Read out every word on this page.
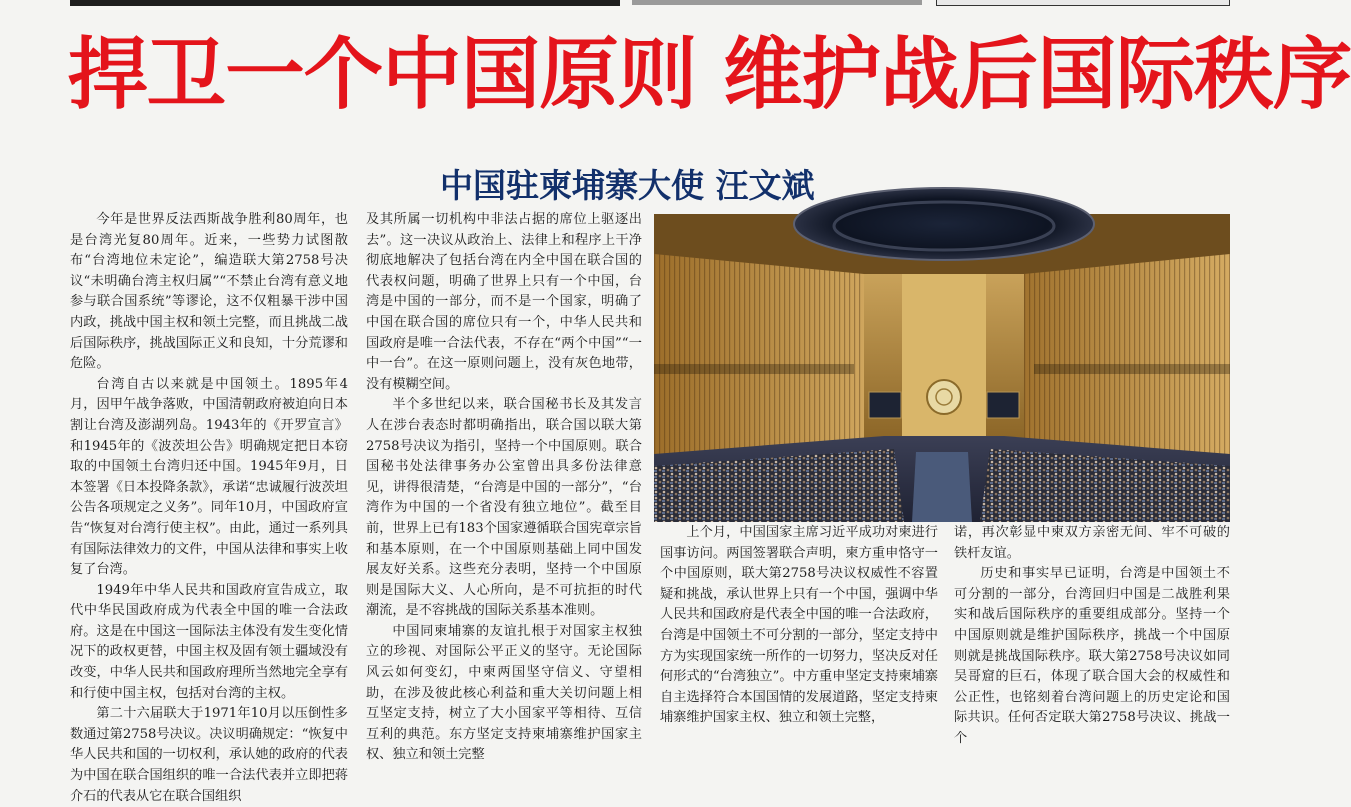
捍卫一个中国原则 维护战后国际秩序
中国驻柬埔寨大使 汪文斌

今年是世界反法西斯战争胜利80周年，也是台湾光复80周年。近来，一些势力试图散布“台湾地位未定论”，编造联大第2758号决议“未明确台湾主权归属”“不禁止台湾有意义地参与联合国系统”等谬论，这不仅粗暴干涉中国内政，挑战中国主权和领土完整，而且挑战二战后国际秩序，挑战国际正义和良知，十分荒谬和危险。

台湾自古以来就是中国领土。1895年4月，因甲午战争落败，中国清朝政府被迫向日本割让台湾及澎湖列岛。1943年的《开罗宣言》和1945年的《波茨坦公告》明确规定把日本窃取的中国领土台湾归还中国。1945年9月，日本签署《日本投降条款》，承诺“忠诚履行波茨坦公告各项规定之义务”。同年10月，中国政府宣告“恢复对台湾行使主权”。由此，通过一系列具有国际法律效力的文件，中国从法律和事实上收复了台湾。

1949年中华人民共和国政府宣告成立，取代中华民国政府成为代表全中国的唯一合法政府。这是在中国这一国际法主体没有发生变化情况下的政权更替，中国主权及固有领土疆域没有改变，中华人民共和国政府理所当然地完全享有和行使中国主权，包括对台湾的主权。

第二十六届联大于1971年10月以压倒性多数通过第2758号决议。决议明确规定：“恢复中华人民共和国的一切权利，承认她的政府的代表为中国在联合国组织的唯一合法代表并立即把蒋介石的代表从它在联合国组织

及其所属一切机构中非法占据的席位上驱逐出去”。这一决议从政治上、法律上和程序上干净彻底地解决了包括台湾在内全中国在联合国的代表权问题，明确了世界上只有一个中国，台湾是中国的一部分，而不是一个国家，明确了中国在联合国的席位只有一个，中华人民共和国政府是唯一合法代表，不存在“两个中国”“一中一台”。在这一原则问题上，没有灰色地带，没有模糊空间。

半个多世纪以来，联合国秘书长及其发言人在涉台表态时都明确指出，联合国以联大第2758号决议为指引，坚持一个中国原则。联合国秘书处法律事务办公室曾出具多份法律意见，讲得很清楚，“台湾是中国的一部分”，“台湾作为中国的一个省没有独立地位”。截至目前，世界上已有183个国家遵循联合国宪章宗旨和基本原则，在一个中国原则基础上同中国发展友好关系。这些充分表明，坚持一个中国原则是国际大义、人心所向，是不可抗拒的时代潮流，是不容挑战的国际关系基本准则。

中国同柬埔寨的友谊扎根于对国家主权独立的珍视、对国际公平正义的坚守。无论国际风云如何变幻，中柬两国坚守信义、守望相助，在涉及彼此核心利益和重大关切问题上相互坚定支持，树立了大小国家平等相待、互信互利的典范。东方坚定支持柬埔寨维护国家主权、独立和领土完整

上个月，中国国家主席习近平成功对柬进行国事访问。两国签署联合声明，柬方重申恪守一个中国原则，联大第2758号决议权威性不容置疑和挑战，承认世界上只有一个中国，强调中华人民共和国政府是代表全中国的唯一合法政府，台湾是中国领土不可分割的一部分，坚定支持中方为实现国家统一所作的一切努力，坚决反对任何形式的“台湾独立”。中方重申坚定支持柬埔寨自主选择符合本国国情的发展道路，坚定支持柬埔寨维护国家主权、独立和领土完整，

诺，再次彰显中柬双方亲密无间、牢不可破的铁杆友谊。

历史和事实早已证明，台湾是中国领土不可分割的一部分，台湾回归中国是二战胜利果实和战后国际秩序的重要组成部分。坚持一个中国原则就是维护国际秩序，挑战一个中国原则就是挑战国际秩序。联大第2758号决议如同吴哥窟的巨石，体现了联合国大会的权威性和公正性，也铭刻着台湾问题上的历史定论和国际共识。任何否定联大第2758号决议、挑战一个
